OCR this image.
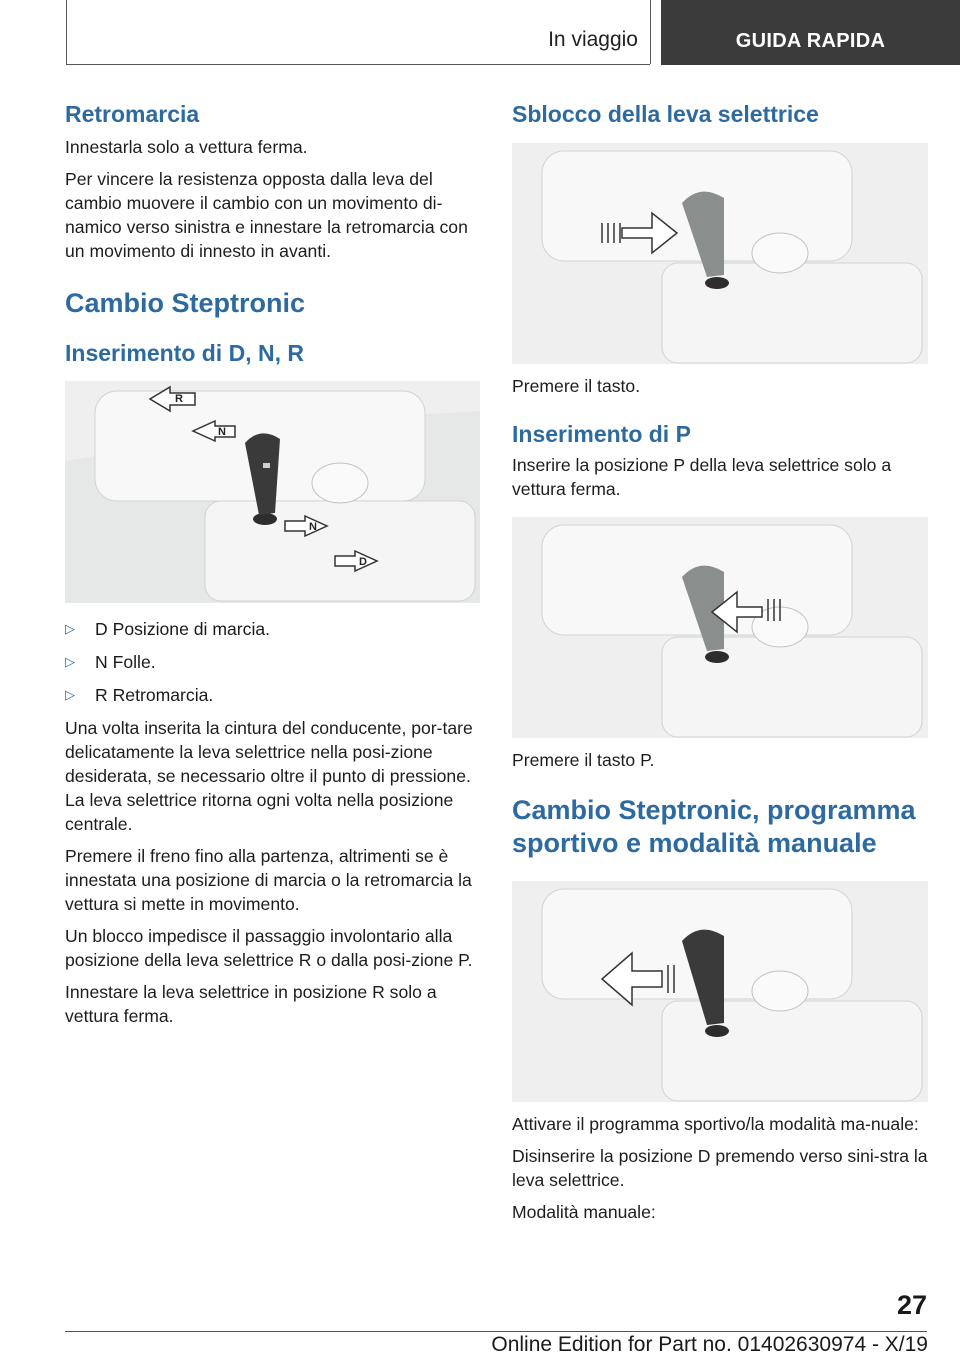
In viaggio	GUIDA RAPIDA
Retromarcia

Innestarla solo a vettura ferma.

Per vincere la resistenza opposta dalla leva del cambio muovere il cambio con un movimento di-namico verso sinistra e innestare la retromarcia con un movimento di innesto in avanti.

Cambio Steptronic
Inserimento di D, N, R
R
N
N
D
▷	D Posizione di marcia.
▷	N Folle.
▷	R Retromarcia.

Una volta inserita la cintura del conducente, por-tare delicatamente la leva selettrice nella posi-zione desiderata, se necessario oltre il punto di pressione. La leva selettrice ritorna ogni volta nella posizione centrale.

Premere il freno fino alla partenza, altrimenti se è innestata una posizione di marcia o la retromarcia la vettura si mette in movimento.

Un blocco impedisce il passaggio involontario alla posizione della leva selettrice R o dalla posi-zione P.

Innestare la leva selettrice in posizione R solo a vettura ferma.

Sblocco della leva selettrice

Premere il tasto.

Inserimento di P

Inserire la posizione P della leva selettrice solo a vettura ferma.

Premere il tasto P.

Cambio Steptronic, programma sportivo e modalità manuale

Attivare il programma sportivo/la modalità ma-nuale:

Disinserire la posizione D premendo verso sini-stra la leva selettrice.

Modalità manuale:

27
Online Edition for Part no. 01402630974 - X/19
